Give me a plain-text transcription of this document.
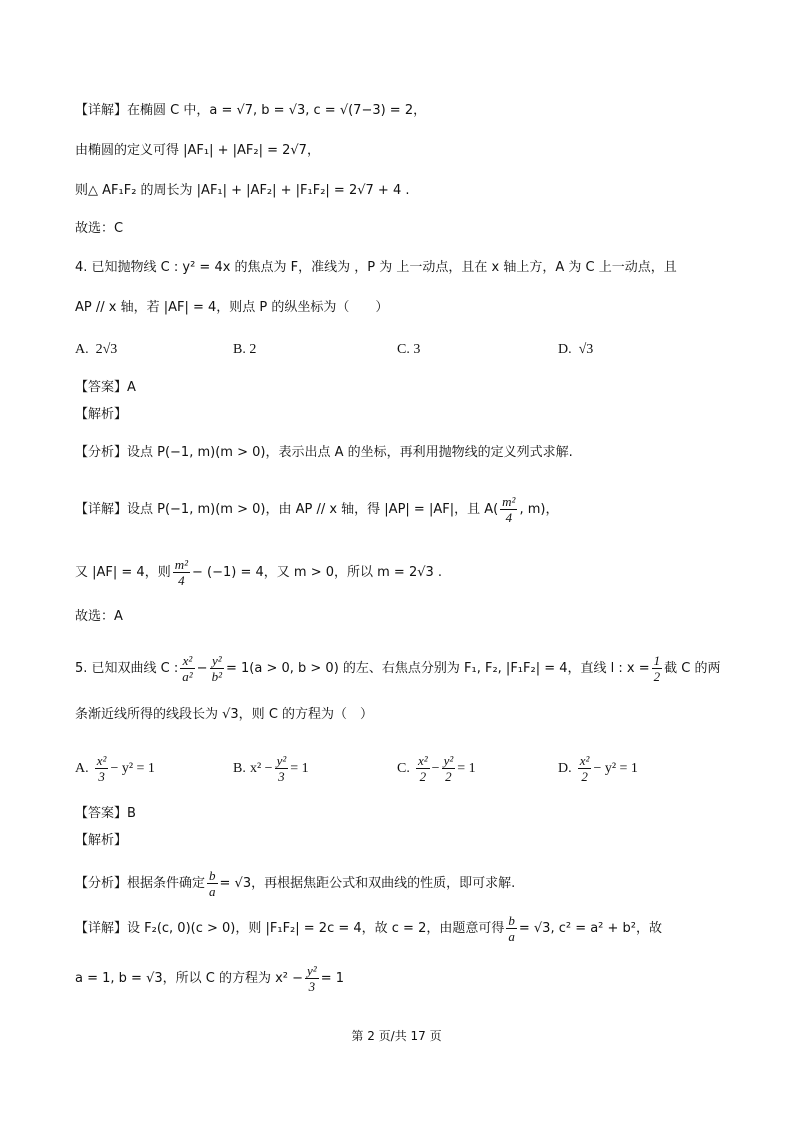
【详解】在椭圆 C 中，a = √7, b = √3, c = √(7−3) = 2，
由椭圆的定义可得 |AF₁| + |AF₂| = 2√7，
则△ AF₁F₂ 的周长为 |AF₁| + |AF₂| + |F₁F₂| = 2√7 + 4 .
故选：C
4. 已知抛物线 C : y² = 4x 的焦点为 F，准线为 ，P 为 上一动点，且在 x 轴上方，A 为 C 上一动点，且
AP // x 轴，若 |AF| = 4，则点 P 的纵坐标为（　　）
A. 2√3	B. 2	C. 3	D. √3
【答案】A
【解析】
【分析】设点 P(−1, m)(m > 0)，表示出点 A 的坐标，再利用抛物线的定义列式求解.
【详解】设点 P(−1, m)(m > 0)，由 AP // x 轴，得 |AP| = |AF|，且 $A( \frac{\text{m²}}{4}$ , m)，
又 |AF| = 4，则 $\frac{\text{m²}}{4} - (-1) = 4$，又 m > 0，所以 m = 2√3 .
故选：A
5. 已知双曲线 C : $\frac{\text{x²}}{\text{a²}} - \frac{\text{y²}}{\text{b²}} = 1(a > 0$, b > 0) 的左、右焦点分别为 F₁, F₂, |F₁F₂| = 4，直线 l : $x = \frac{1}{2}$ 截 C 的两
条渐近线所得的线段长为 √3，则 C 的方程为（　）
A. $\frac{\text{x²}}{3} - y^2 = 1$	B. $x^2 - \frac{\text{y²}}{3} = 1$	C. $\frac{\text{x²}}{2} - \frac{\text{y²}}{2} = 1$	D. $\frac{\text{x²}}{2} - y^2 = 1$
【答案】B
【解析】
【分析】根据条件确定 $\frac{b}{a} = √3$，再根据焦距公式和双曲线的性质，即可求解.
【详解】设 F₂(c, 0)(c > 0)，则 |F₁F₂| = 2c = 4，故 c = 2，由题意可得 $\frac{b}{a} = √3$, c² = a² + b²，故
a = 1, b = √3，所以 C 的方程为 $x^2 - \frac{\text{y²}}{3} = 1$
第 2 页/共 17 页
